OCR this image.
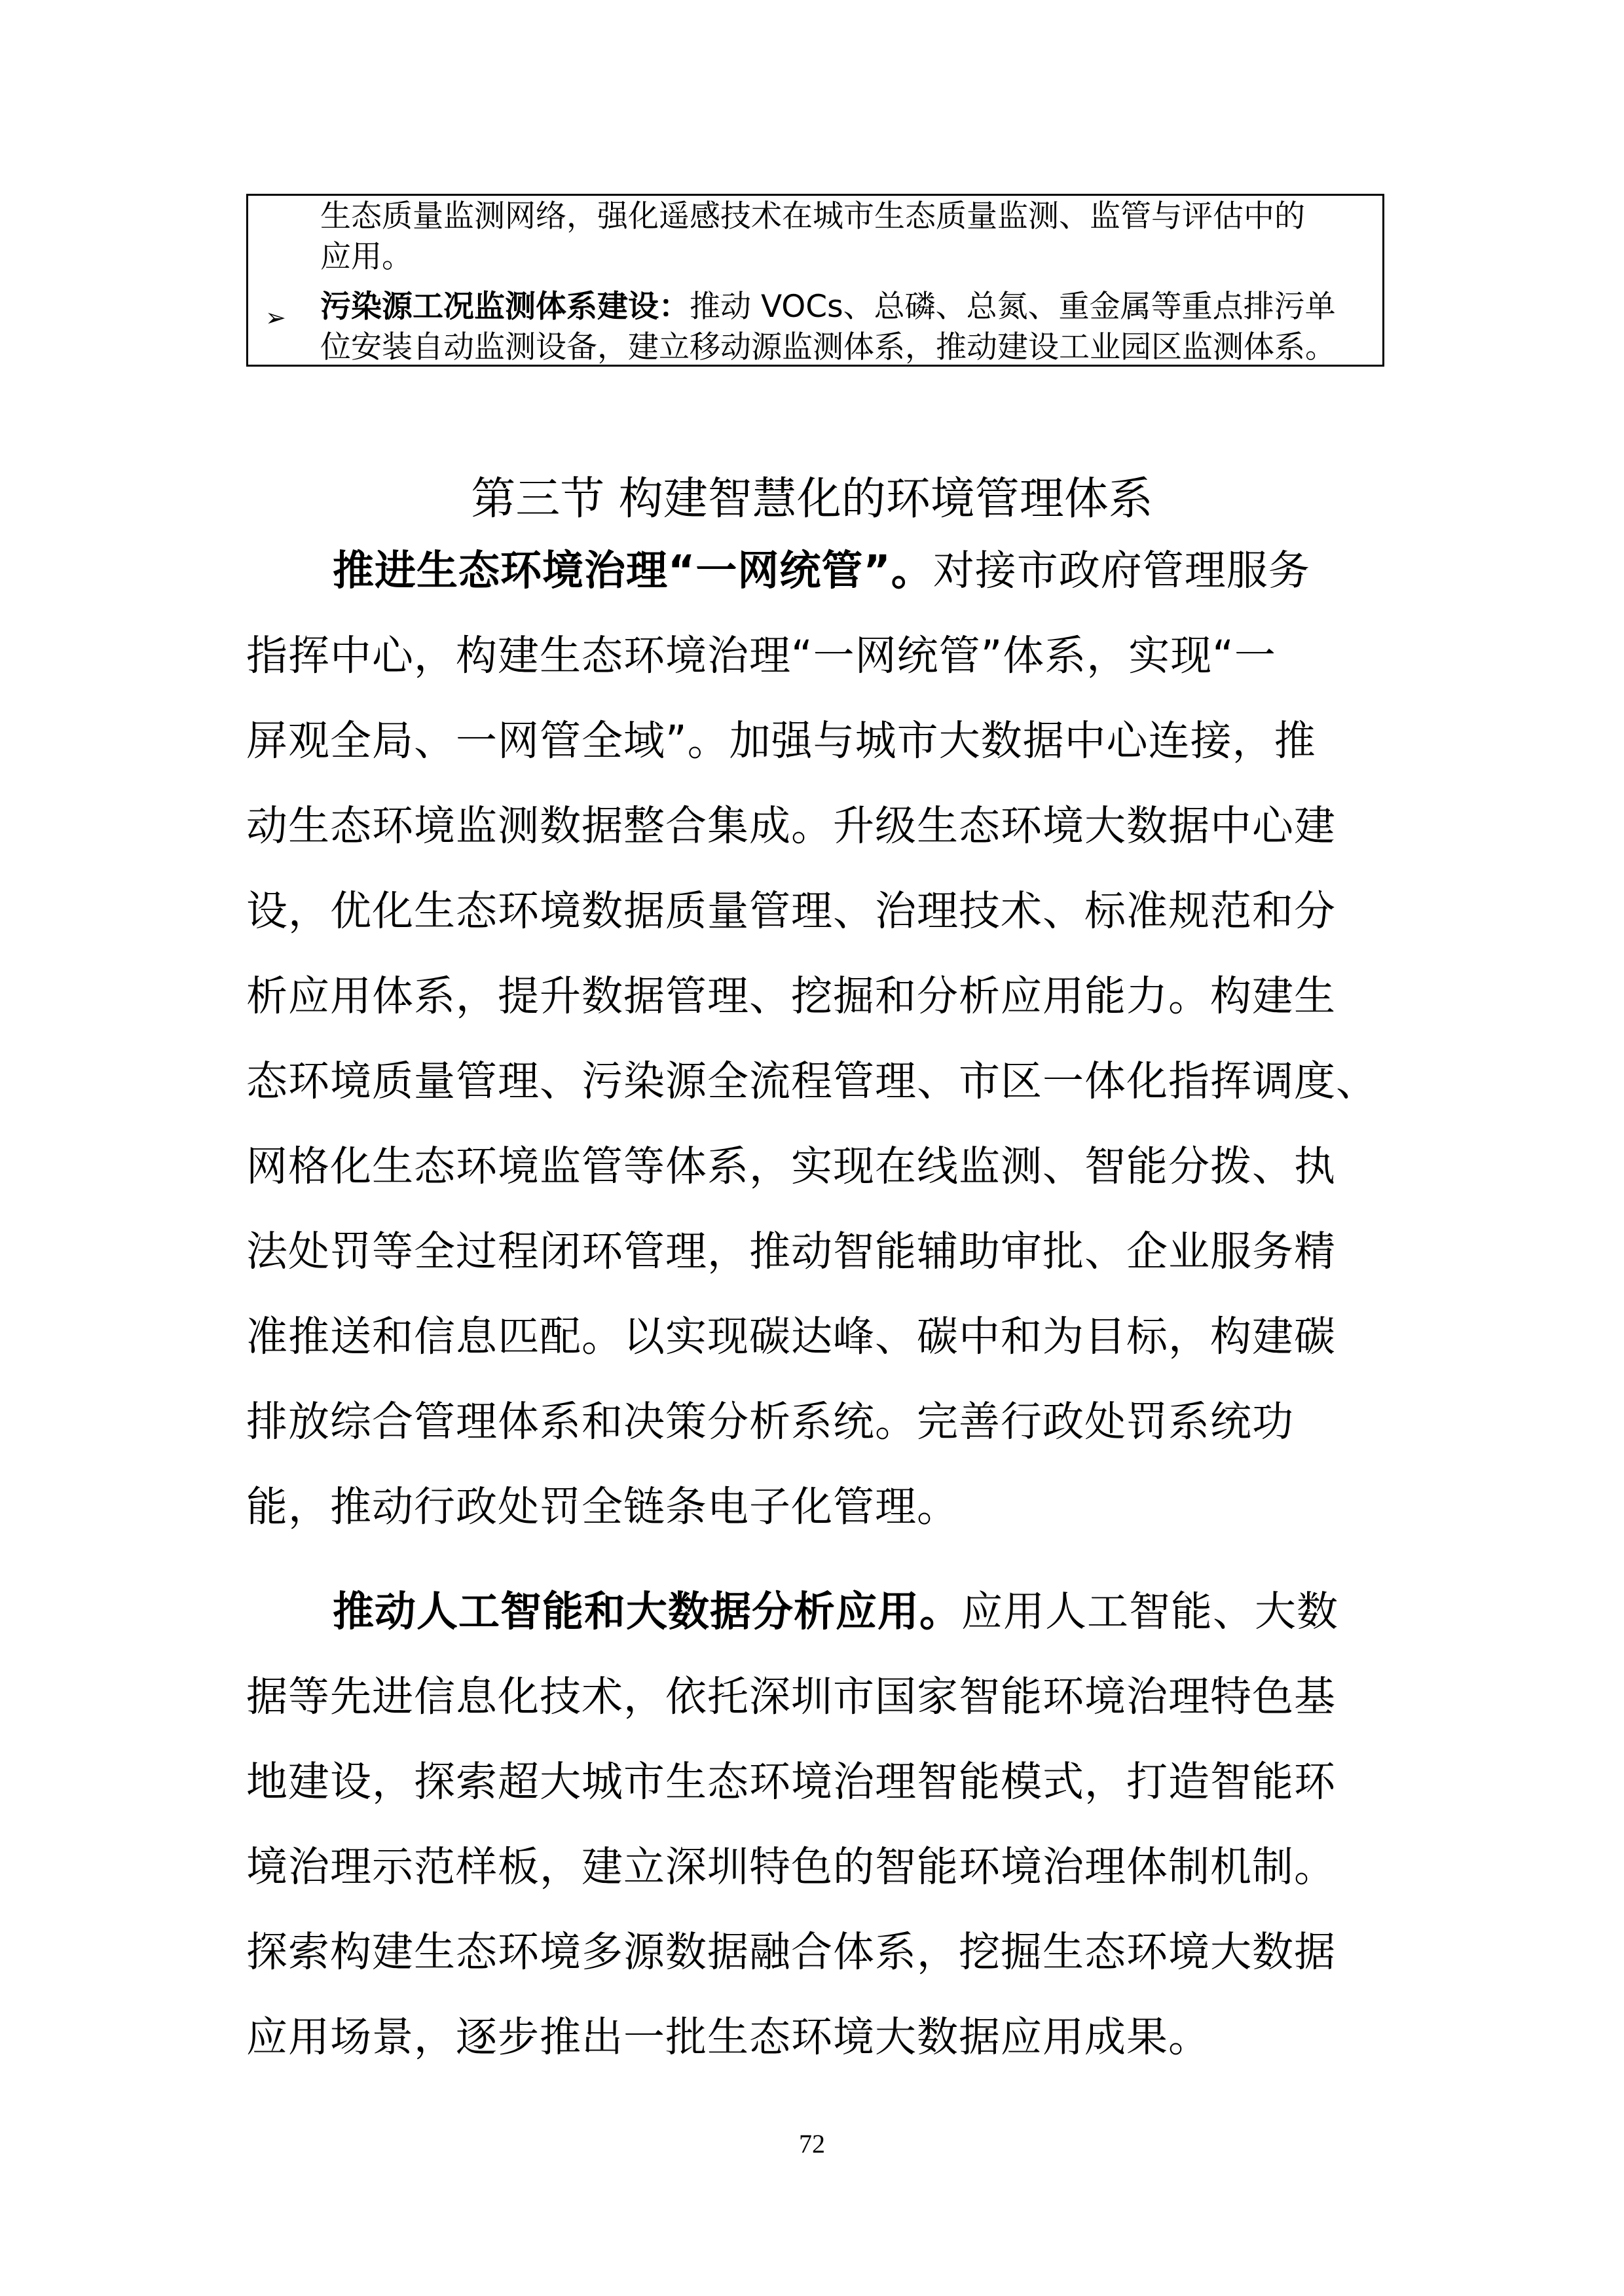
生态质量监测网络，强化遥感技术在城市生态质量监测、监管与评估中的
应用。
➢ 污染源工况监测体系建设：推动 VOCs、总磷、总氮、重金属等重点排污单
位安装自动监测设备，建立移动源监测体系，推动建设工业园区监测体系。
第三节 构建智慧化的环境管理体系
推进生态环境治理“一网统管”。对接市政府管理服务
指挥中心，构建生态环境治理“一网统管”体系，实现“一
屏观全局、一网管全域”。加强与城市大数据中心连接，推
动生态环境监测数据整合集成。升级生态环境大数据中心建
设，优化生态环境数据质量管理、治理技术、标准规范和分
析应用体系，提升数据管理、挖掘和分析应用能力。构建生
态环境质量管理、污染源全流程管理、市区一体化指挥调度、
网格化生态环境监管等体系，实现在线监测、智能分拨、执
法处罚等全过程闭环管理，推动智能辅助审批、企业服务精
准推送和信息匹配。以实现碳达峰、碳中和为目标，构建碳
排放综合管理体系和决策分析系统。完善行政处罚系统功
能，推动行政处罚全链条电子化管理。
推动人工智能和大数据分析应用。应用人工智能、大数
据等先进信息化技术，依托深圳市国家智能环境治理特色基
地建设，探索超大城市生态环境治理智能模式，打造智能环
境治理示范样板，建立深圳特色的智能环境治理体制机制。
探索构建生态环境多源数据融合体系，挖掘生态环境大数据
应用场景，逐步推出一批生态环境大数据应用成果。
72
